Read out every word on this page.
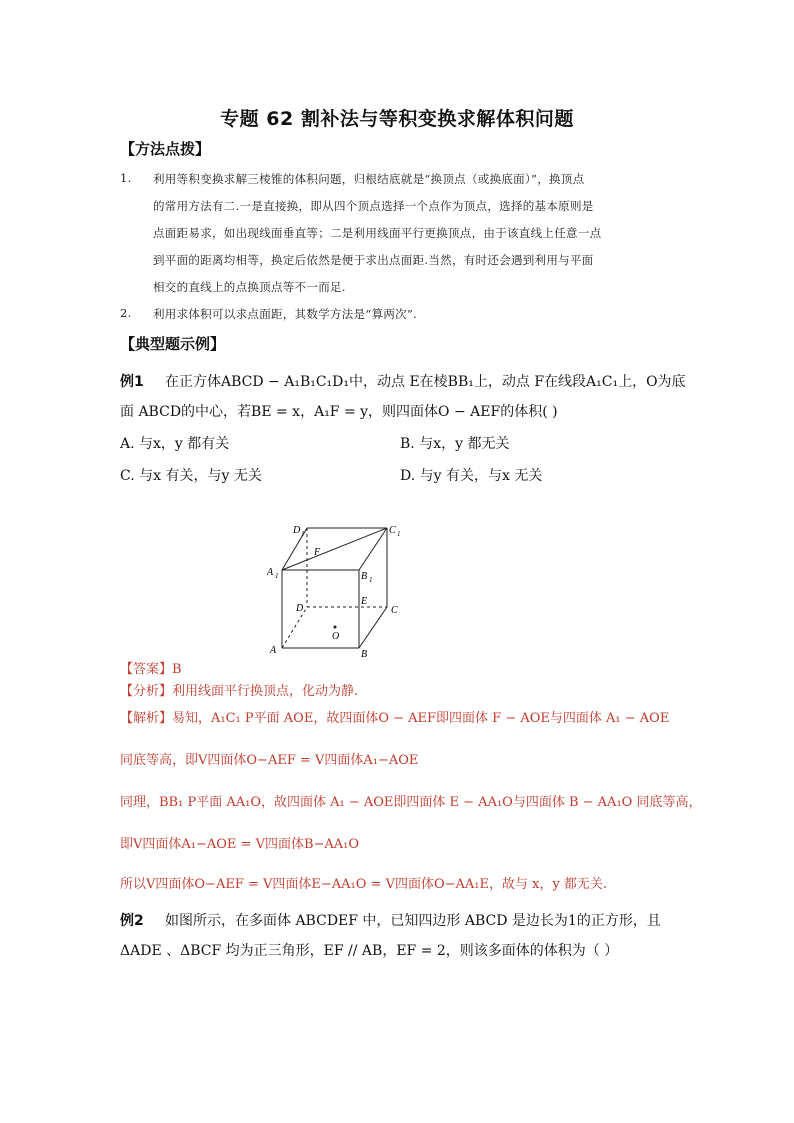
专题 62 割补法与等积变换求解体积问题
【方法点拨】
1. 利用等积变换求解三棱锥的体积问题，归根结底就是“换顶点（或换底面）”，换顶点
的常用方法有二.一是直接换，即从四个顶点选择一个点作为顶点，选择的基本原则是
点面距易求，如出现线面垂直等；二是利用线面平行更换顶点，由于该直线上任意一点
到平面的距离均相等，换定后依然是便于求出点面距.当然，有时还会遇到利用与平面
相交的直线上的点换顶点等不一而足.
2. 利用求体积可以求点面距，其数学方法是“算两次”.
【典型题示例】
例1 在正方体ABCD − A₁B₁C₁D₁中，动点 E在棱BB₁上，动点 F在线段A₁C₁上，O为底
面 ABCD的中心，若BE = x，A₁F = y，则四面体O − AEF的体积( )
A. 与x，y 都有关	B. 与x，y 都无关
C. 与x 有关，与y 无关	D. 与y 有关，与x 无关
D 1	C 1
F
A 1	B 1
E
D	C
O
A	B
【答案】B
【分析】利用线面平行换顶点，化动为静.
【解析】易知，A₁C₁ P平面 AOE，故四面体O − AEF即四面体 F − AOE与四面体 A₁ − AOE
同底等高，即V四面体O−AEF = V四面体A₁−AOE
同理，BB₁ P平面 AA₁O，故四面体 A₁ − AOE即四面体 E − AA₁O与四面体 B − AA₁O 同底等高，
即V四面体A₁−AOE = V四面体B−AA₁O
所以V四面体O−AEF = V四面体E−AA₁O = V四面体O−AA₁E，故与 x，y 都无关.
例2 如图所示，在多面体 ABCDEF 中，已知四边形 ABCD 是边长为1的正方形，且
ΔADE 、ΔBCF 均为正三角形，EF // AB，EF = 2，则该多面体的体积为（ ）
